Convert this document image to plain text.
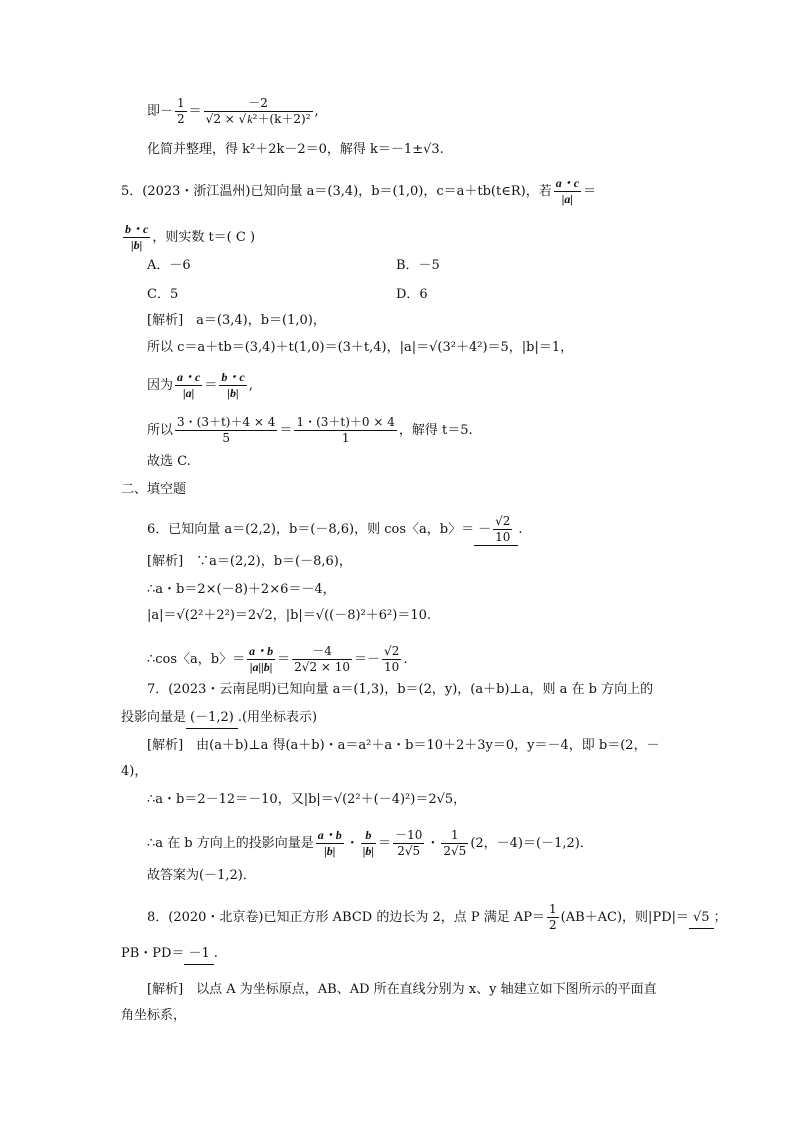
即－ $\frac{1}{2} = \frac{-2}{\text{√2 × √k²＋(k＋2)²}}$ ,
化简并整理，得 k²＋2k－2＝0，解得 k＝－1±√3.
5．(2023・浙江温州)已知向量 a＝(3,4)，b＝(1,0)，c＝a＋tb(t∈R)，若 $\frac{a・c}{|a|}$ ＝
$\frac{b・c}{|b|}$ ，则实数 t＝( C )
A．－6	B．－5
C．5	D．6
[解析]　a＝(3,4)，b＝(1,0)，
所以 c＝a＋tb＝(3,4)＋t(1,0)＝(3＋t,4)，|a|＝√(3²＋4²)＝5，|b|＝1，
因为 $\frac{a・c}{|a|} = \frac{b・c}{|b|}$ ,
所以 $\frac{3・(3+t)+4 \times 4}{5} = \frac{1・(3+t)+0 \times 4}{1}$ ，解得 t＝5.
故选 C.
二、填空题
6．已知向量 a＝(2,2)，b＝(－8,6)，则 cos〈a，b〉＝ － $\frac{√2}{10}$ .
[解析]　∵a＝(2,2)，b＝(－8,6)，
∴a・b＝2×(－8)＋2×6＝－4，
|a|＝√(2²＋2²)＝2√2，|b|＝√((－8)²＋6²)＝10.
∴cos〈a，b〉＝ $\frac{a・b}{|a||b|} = \frac{-4}{2√2 \times 10} =- \frac{√2}{10}$ .
7．(2023・云南昆明)已知向量 a＝(1,3)，b＝(2，y)，(a＋b)⊥a，则 a 在 b 方向上的
投影向量是 (－1,2) .(用坐标表示)
[解析]　由(a＋b)⊥a 得(a＋b)・a＝a²＋a・b＝10＋2＋3y＝0，y＝－4，即 b＝(2，－
4)，
∴a・b＝2－12＝－10，又|b|＝√(2²＋(－4)²)＝2√5，
∴a 在 b 方向上的投影向量是 $\frac{a・b}{|b|}$ ・ $\frac{b}{|b|} = \frac{-10}{2√5}$ ・ $\frac{1}{2√5} (2$，－4)＝(－1,2)．
故答案为(－1,2)．
8．(2020・北京卷)已知正方形 ABCD 的边长为 2，点 P 满足 $AP= \frac{1}{2} (AB+AC)$，则|PD|＝ √5 ；
PB・PD＝ －1 .
[解析]　以点 A 为坐标原点，AB、AD 所在直线分别为 x、y 轴建立如下图所示的平面直
角坐标系，
